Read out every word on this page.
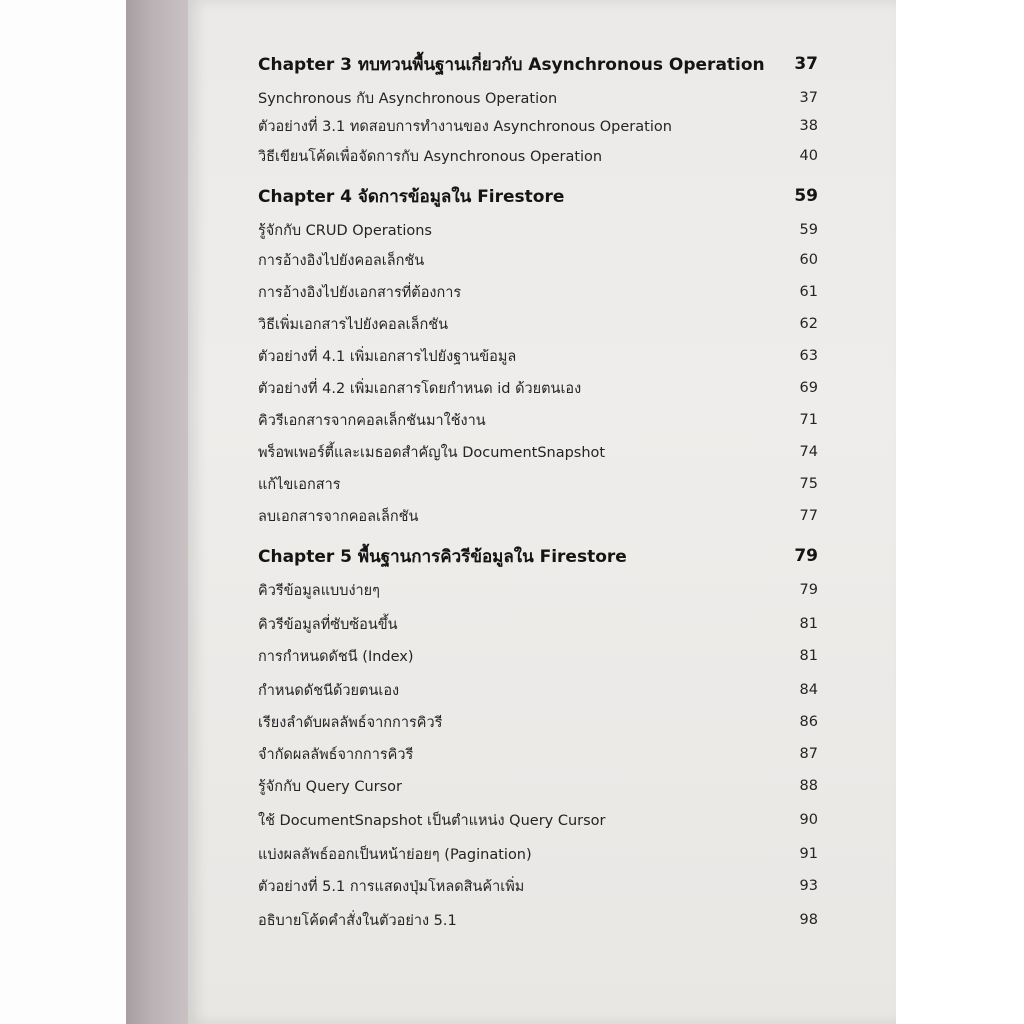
Chapter 3 ทบทวนพื้นฐานเกี่ยวกับ Asynchronous Operation	37
Synchronous กับ Asynchronous Operation	37
ตัวอย่างที่ 3.1 ทดสอบการทำงานของ Asynchronous Operation	38
วิธีเขียนโค้ดเพื่อจัดการกับ Asynchronous Operation	40
Chapter 4 จัดการข้อมูลใน Firestore	59
รู้จักกับ CRUD Operations	59
การอ้างอิงไปยังคอลเล็กชัน	60
การอ้างอิงไปยังเอกสารที่ต้องการ	61
วิธีเพิ่มเอกสารไปยังคอลเล็กชัน	62
ตัวอย่างที่ 4.1 เพิ่มเอกสารไปยังฐานข้อมูล	63
ตัวอย่างที่ 4.2 เพิ่มเอกสารโดยกำหนด id ด้วยตนเอง	69
คิวรีเอกสารจากคอลเล็กชันมาใช้งาน	71
พร็อพเพอร์ตี้และเมธอดสำคัญใน DocumentSnapshot	74
แก้ไขเอกสาร	75
ลบเอกสารจากคอลเล็กชัน	77
Chapter 5 พื้นฐานการคิวรีข้อมูลใน Firestore	79
คิวรีข้อมูลแบบง่ายๆ	79
คิวรีข้อมูลที่ซับซ้อนขึ้น	81
การกำหนดดัชนี (Index)	81
กำหนดดัชนีด้วยตนเอง	84
เรียงลำดับผลลัพธ์จากการคิวรี	86
จำกัดผลลัพธ์จากการคิวรี	87
รู้จักกับ Query Cursor	88
ใช้ DocumentSnapshot เป็นตำแหน่ง Query Cursor	90
แบ่งผลลัพธ์ออกเป็นหน้าย่อยๆ (Pagination)	91
ตัวอย่างที่ 5.1 การแสดงปุ่มโหลดสินค้าเพิ่ม	93
อธิบายโค้ดคำสั่งในตัวอย่าง 5.1	98
